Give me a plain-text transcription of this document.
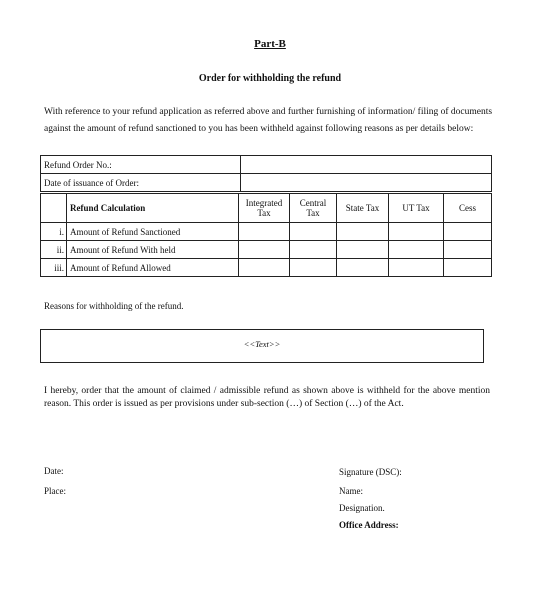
Part-B
Order for withholding the refund
With reference to your refund application as referred above and further furnishing of information/ filing of documents against the amount of refund sanctioned to you has been withheld against following reasons as per details below:
Refund Order No.:	
Date of issuance of Order:	
	Refund Calculation	Integrated Tax	Central Tax	State Tax	UT Tax	Cess
i.	Amount of Refund Sanctioned					
ii.	Amount of Refund With held					
iii.	Amount of Refund Allowed					
Reasons for withholding of the refund.
<<Text>>
I hereby, order that the amount of claimed / admissible refund as shown above is withheld for the above mention reason. This order is issued as per provisions under sub-section (…) of Section (…) of the Act.
Date:
Place:
Signature (DSC):
Name:
Designation.
Office Address:
